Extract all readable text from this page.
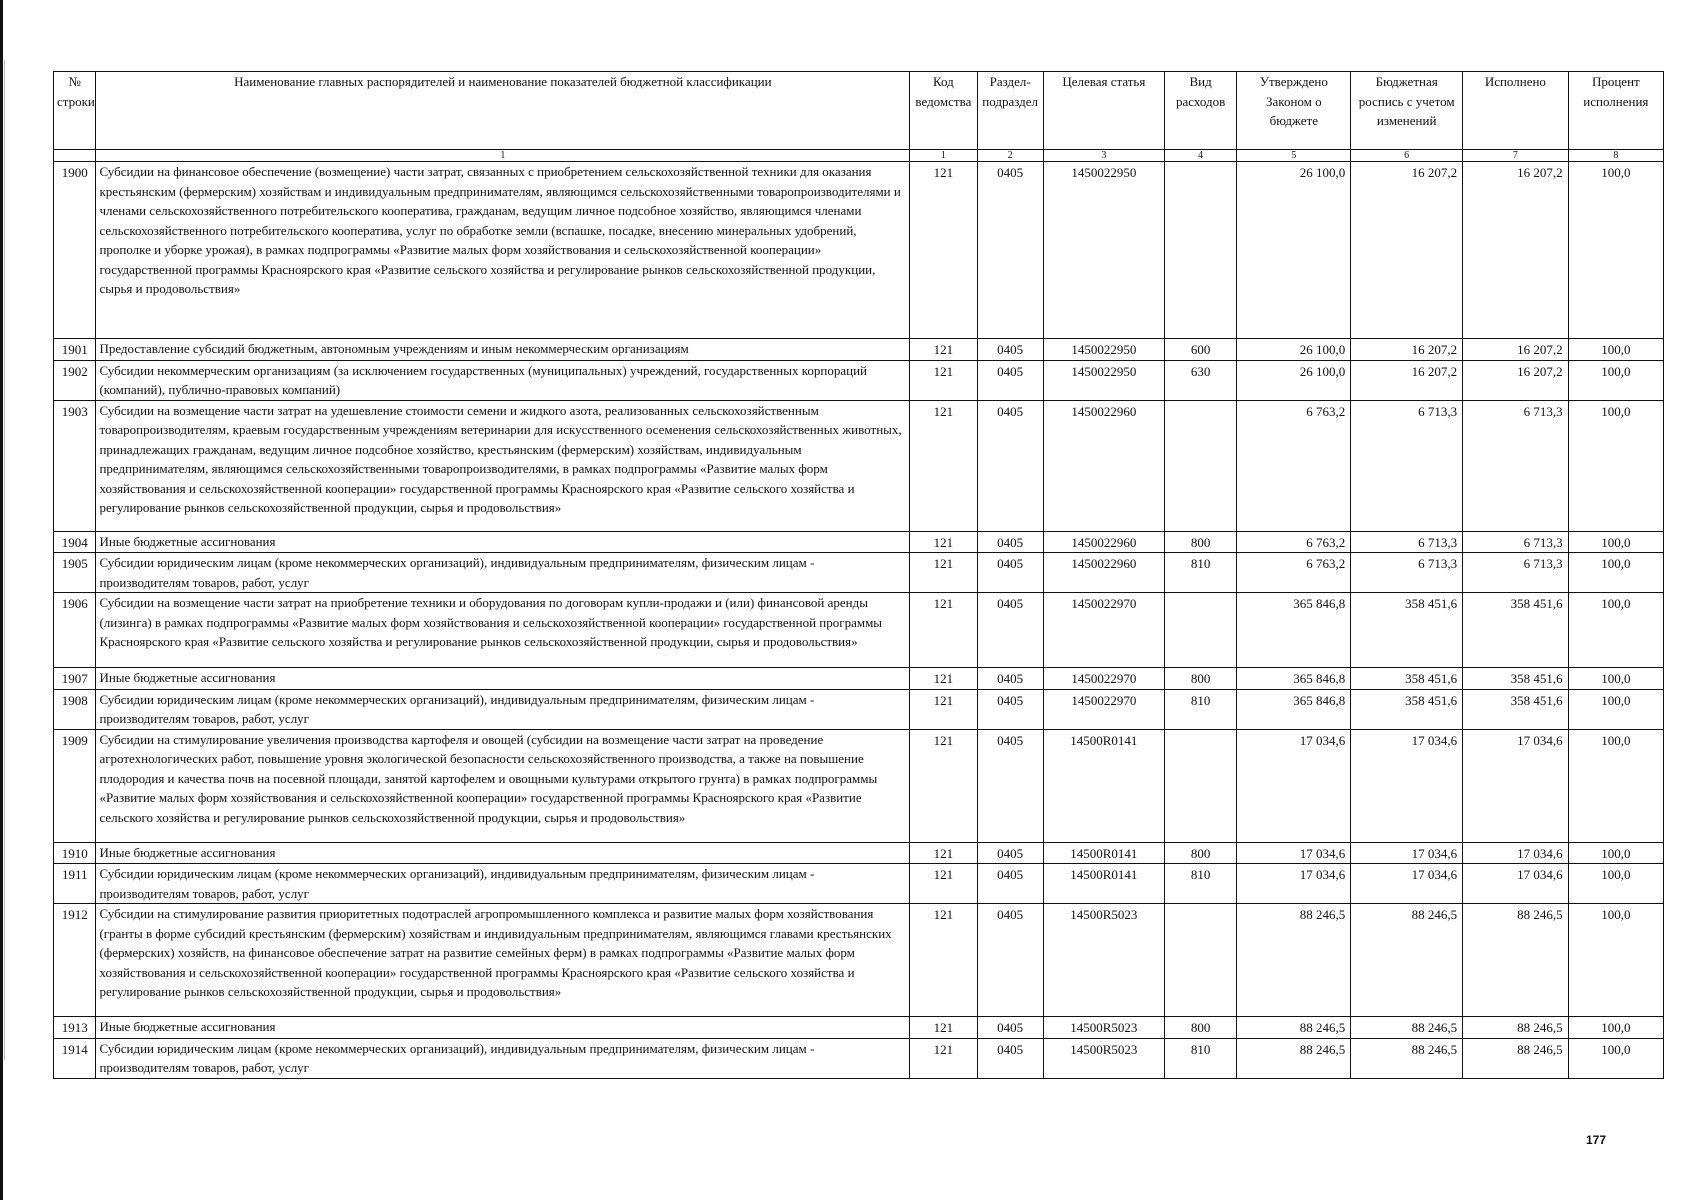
№ строки	Наименование главных распорядителей и наименование показателей бюджетной классификации	Код ведомства	Раздел-подраздел	Целевая статья	Вид расходов	Утверждено Законом о бюджете	Бюджетная роспись с учетом изменений	Исполнено	Процент исполнения
	1	1	2	3	4	5	6	7	8
1900	Субсидии на финансовое обеспечение (возмещение) части затрат, связанных с приобретением сельскохозяйственной техники для оказания крестьянским (фермерским) хозяйствам и индивидуальным предпринимателям, являющимся сельскохозяйственными товаропроизводителями и членами сельскохозяйственного потребительского кооператива, гражданам, ведущим личное подсобное хозяйство, являющимся членами сельскохозяйственного потребительского кооператива, услуг по обработке земли (вспашке, посадке, внесению минеральных удобрений, прополке и уборке урожая), в рамках подпрограммы «Развитие малых форм хозяйствования и сельскохозяйственной кооперации» государственной программы Красноярского края «Развитие сельского хозяйства и регулирование рынков сельскохозяйственной продукции, сырья и продовольствия»	121	0405	1450022950		26 100,0	16 207,2	16 207,2	100,0
1901	Предоставление субсидий бюджетным, автономным учреждениям и иным некоммерческим организациям	121	0405	1450022950	600	26 100,0	16 207,2	16 207,2	100,0
1902	Субсидии некоммерческим организациям (за исключением государственных (муниципальных) учреждений, государственных корпораций (компаний), публично-правовых компаний)	121	0405	1450022950	630	26 100,0	16 207,2	16 207,2	100,0
1903	Субсидии на возмещение части затрат на удешевление стоимости семени и жидкого азота, реализованных сельскохозяйственным товаропроизводителям, краевым государственным учреждениям ветеринарии для искусственного осеменения сельскохозяйственных животных, принадлежащих гражданам, ведущим личное подсобное хозяйство, крестьянским (фермерским) хозяйствам, индивидуальным предпринимателям, являющимся сельскохозяйственными товаропроизводителями, в рамках подпрограммы «Развитие малых форм хозяйствования и сельскохозяйственной кооперации» государственной программы Красноярского края «Развитие сельского хозяйства и регулирование рынков сельскохозяйственной продукции, сырья и продовольствия»	121	0405	1450022960		6 763,2	6 713,3	6 713,3	100,0
1904	Иные бюджетные ассигнования	121	0405	1450022960	800	6 763,2	6 713,3	6 713,3	100,0
1905	Субсидии юридическим лицам (кроме некоммерческих организаций), индивидуальным предпринимателям, физическим лицам - производителям товаров, работ, услуг	121	0405	1450022960	810	6 763,2	6 713,3	6 713,3	100,0
1906	Субсидии на возмещение части затрат на приобретение техники и оборудования по договорам купли-продажи и (или) финансовой аренды (лизинга) в рамках подпрограммы «Развитие малых форм хозяйствования и сельскохозяйственной кооперации» государственной программы Красноярского края «Развитие сельского хозяйства и регулирование рынков сельскохозяйственной продукции, сырья и продовольствия»	121	0405	1450022970		365 846,8	358 451,6	358 451,6	100,0
1907	Иные бюджетные ассигнования	121	0405	1450022970	800	365 846,8	358 451,6	358 451,6	100,0
1908	Субсидии юридическим лицам (кроме некоммерческих организаций), индивидуальным предпринимателям, физическим лицам - производителям товаров, работ, услуг	121	0405	1450022970	810	365 846,8	358 451,6	358 451,6	100,0
1909	Субсидии на стимулирование увеличения производства картофеля и овощей (субсидии на возмещение части затрат на проведение агротехнологических работ, повышение уровня экологической безопасности сельскохозяйственного производства, а также на повышение плодородия и качества почв на посевной площади, занятой картофелем и овощными культурами открытого грунта) в рамках подпрограммы «Развитие малых форм хозяйствования и сельскохозяйственной кооперации» государственной программы Красноярского края «Развитие сельского хозяйства и регулирование рынков сельскохозяйственной продукции, сырья и продовольствия»	121	0405	14500R0141		17 034,6	17 034,6	17 034,6	100,0
1910	Иные бюджетные ассигнования	121	0405	14500R0141	800	17 034,6	17 034,6	17 034,6	100,0
1911	Субсидии юридическим лицам (кроме некоммерческих организаций), индивидуальным предпринимателям, физическим лицам - производителям товаров, работ, услуг	121	0405	14500R0141	810	17 034,6	17 034,6	17 034,6	100,0
1912	Субсидии на стимулирование развития приоритетных подотраслей агропромышленного комплекса и развитие малых форм хозяйствования (гранты в форме субсидий крестьянским (фермерским) хозяйствам и индивидуальным предпринимателям, являющимся главами крестьянских (фермерских) хозяйств, на финансовое обеспечение затрат на развитие семейных ферм) в рамках подпрограммы «Развитие малых форм хозяйствования и сельскохозяйственной кооперации» государственной программы Красноярского края «Развитие сельского хозяйства и регулирование рынков сельскохозяйственной продукции, сырья и продовольствия»	121	0405	14500R5023		88 246,5	88 246,5	88 246,5	100,0
1913	Иные бюджетные ассигнования	121	0405	14500R5023	800	88 246,5	88 246,5	88 246,5	100,0
1914	Субсидии юридическим лицам (кроме некоммерческих организаций), индивидуальным предпринимателям, физическим лицам - производителям товаров, работ, услуг	121	0405	14500R5023	810	88 246,5	88 246,5	88 246,5	100,0
177
